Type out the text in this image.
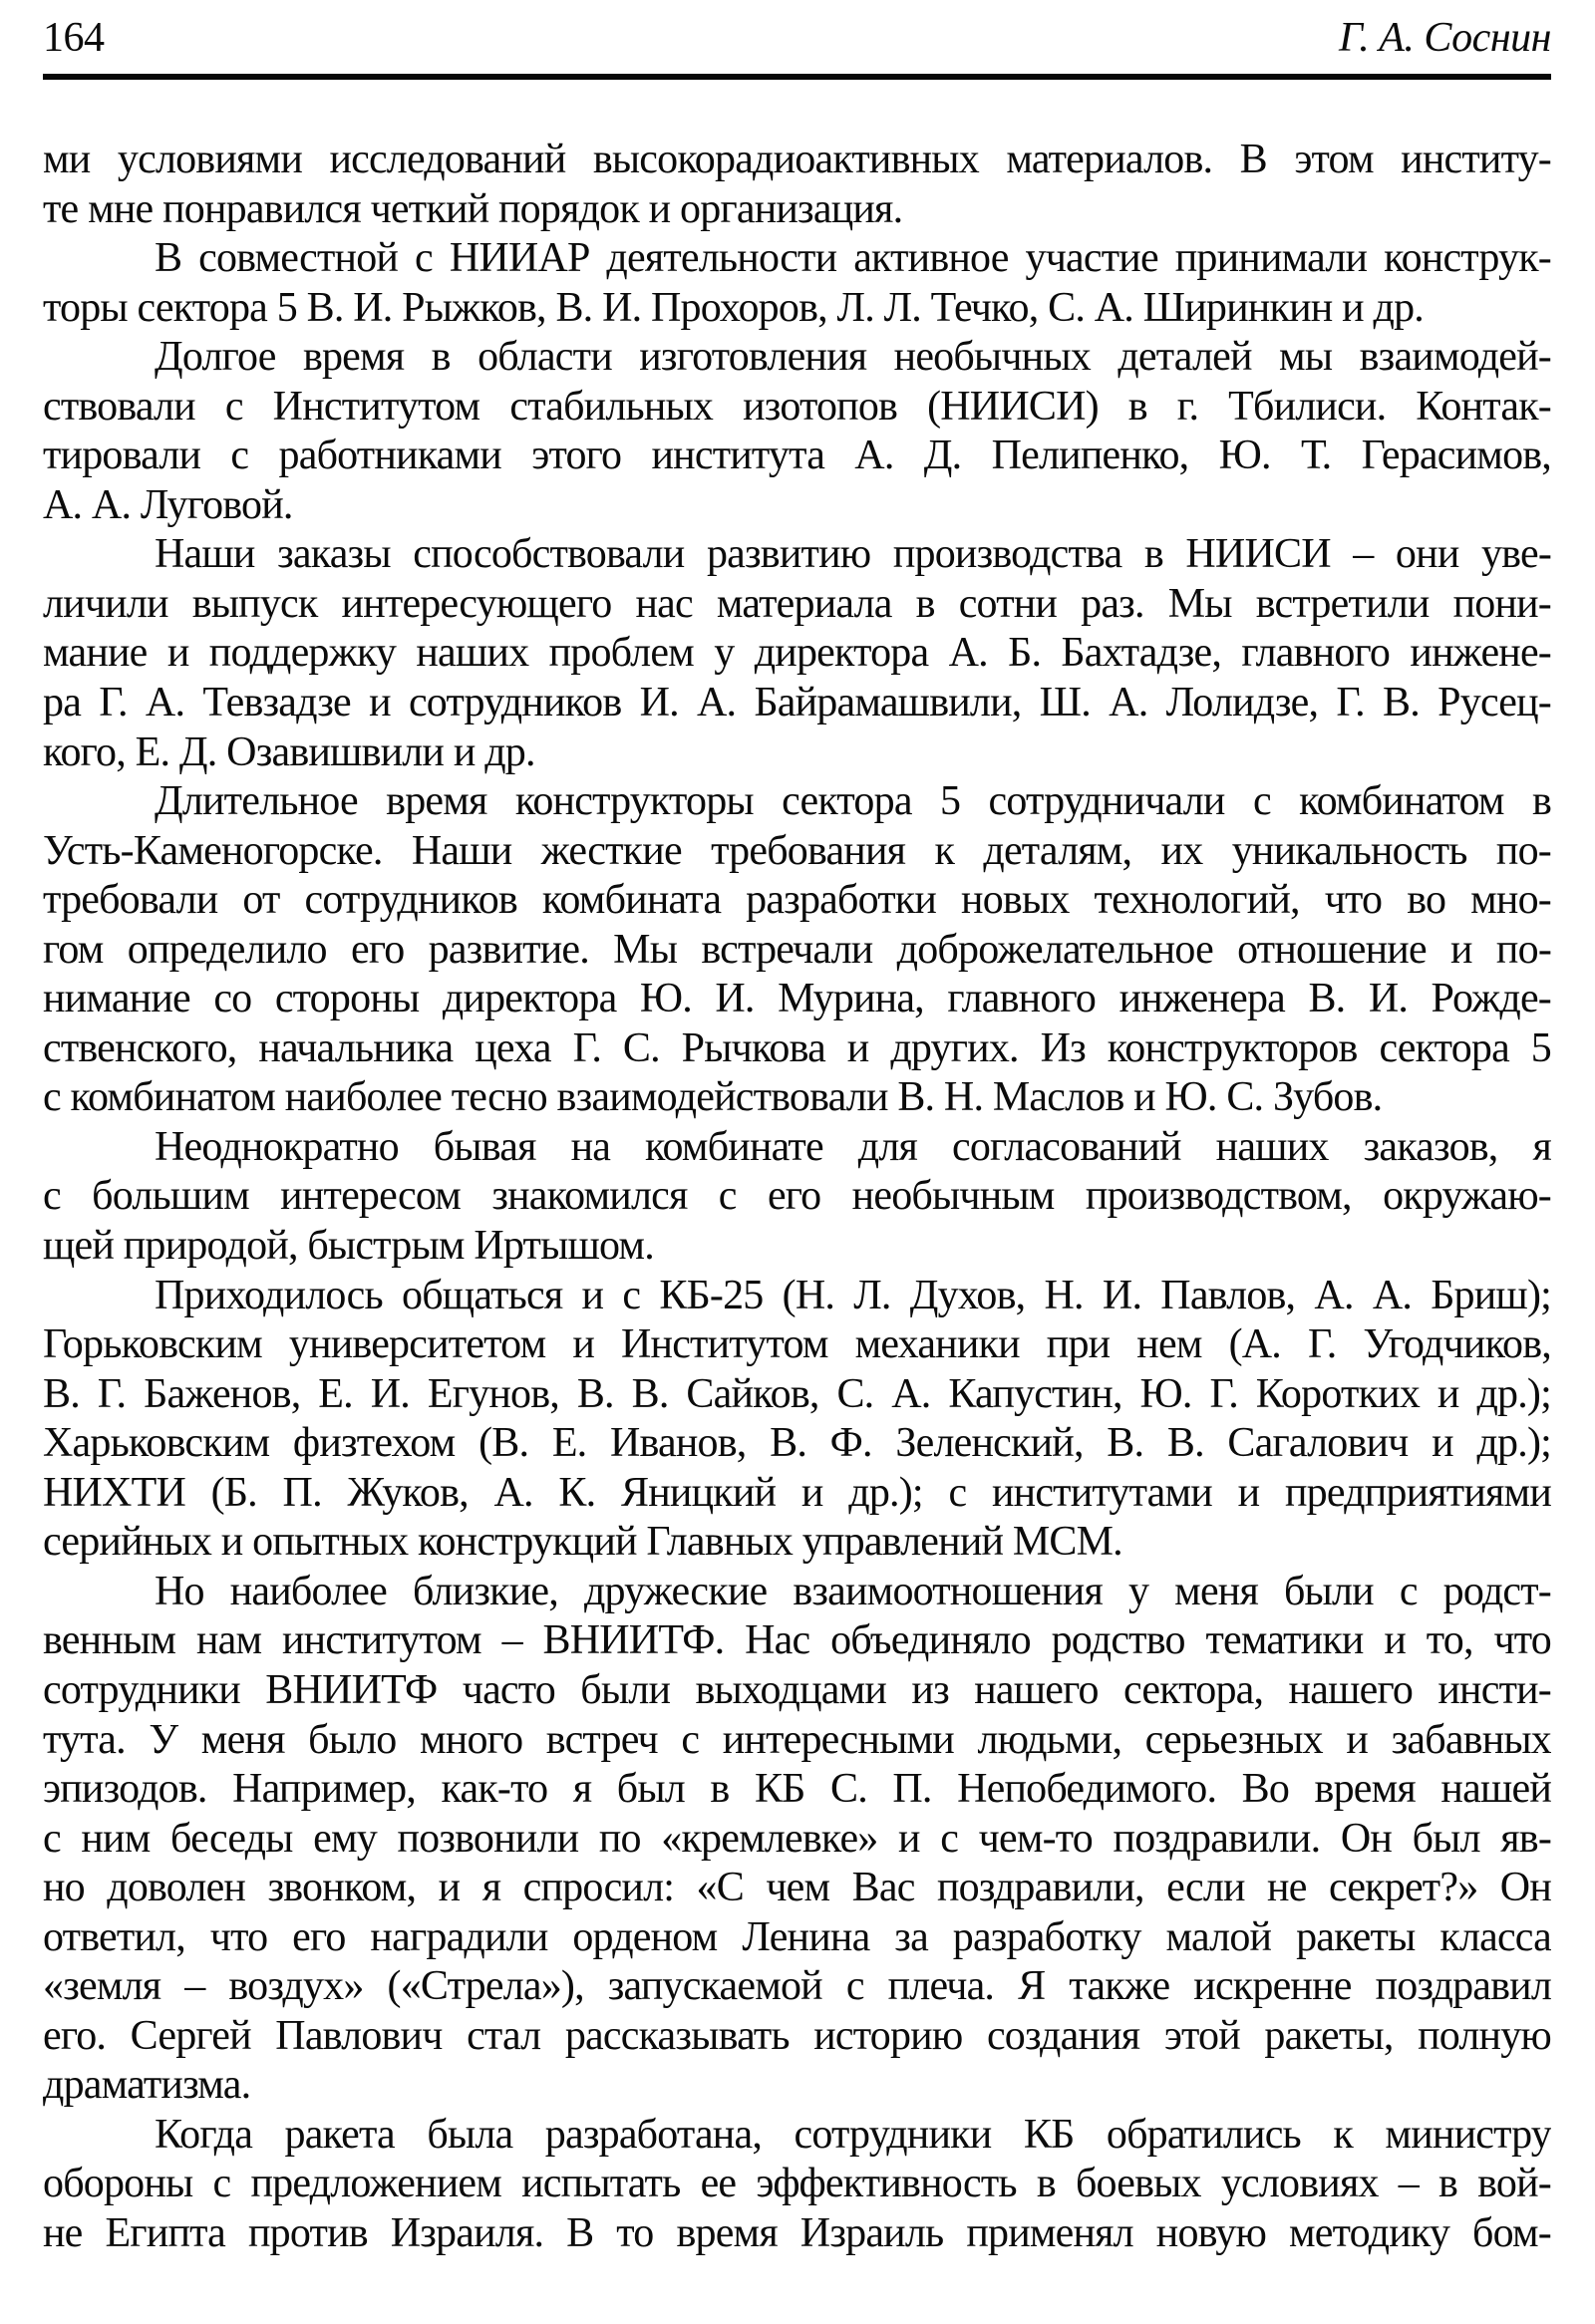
164	Г. А. Соснин
ми условиями исследований высокорадиоактивных материалов. В этом институ-
те мне понравился четкий порядок и организация.
В совместной с НИИАР деятельности активное участие принимали конструк-
торы сектора 5 В. И. Рыжков, В. И. Прохоров, Л. Л. Течко, С. А. Ширинкин и др.
Долгое время в области изготовления необычных деталей мы взаимодей-
ствовали с Институтом стабильных изотопов (НИИСИ) в г. Тбилиси. Контак-
тировали с работниками этого института А. Д. Пелипенко, Ю. Т. Герасимов,
А. А. Луговой.
Наши заказы способствовали развитию производства в НИИСИ – они уве-
личили выпуск интересующего нас материала в сотни раз. Мы встретили пони-
мание и поддержку наших проблем у директора А. Б. Бахтадзе, главного инжене-
ра Г. А. Тевзадзе и сотрудников И. А. Байрамашвили, Ш. А. Лолидзе, Г. В. Русец-
кого, Е. Д. Озавишвили и др.
Длительное время конструкторы сектора 5 сотрудничали с комбинатом в
Усть-Каменогорске. Наши жесткие требования к деталям, их уникальность по-
требовали от сотрудников комбината разработки новых технологий, что во мно-
гом определило его развитие. Мы встречали доброжелательное отношение и по-
нимание со стороны директора Ю. И. Мурина, главного инженера В. И. Рожде-
ственского, начальника цеха Г. С. Рычкова и других. Из конструкторов сектора 5
с комбинатом наиболее тесно взаимодействовали В. Н. Маслов и Ю. С. Зубов.
Неоднократно бывая на комбинате для согласований наших заказов, я
с большим интересом знакомился с его необычным производством, окружаю-
щей природой, быстрым Иртышом.
Приходилось общаться и с КБ-25 (Н. Л. Духов, Н. И. Павлов, А. А. Бриш);
Горьковским университетом и Институтом механики при нем (А. Г. Угодчиков,
В. Г. Баженов, Е. И. Егунов, В. В. Сайков, С. А. Капустин, Ю. Г. Коротких и др.);
Харьковским физтехом (В. Е. Иванов, В. Ф. Зеленский, В. В. Сагалович и др.);
НИХТИ (Б. П. Жуков, А. К. Яницкий и др.); с институтами и предприятиями
серийных и опытных конструкций Главных управлений МСМ.
Но наиболее близкие, дружеские взаимоотношения у меня были с родст-
венным нам институтом – ВНИИТФ. Нас объединяло родство тематики и то, что
сотрудники ВНИИТФ часто были выходцами из нашего сектора, нашего инсти-
тута. У меня было много встреч с интересными людьми, серьезных и забавных
эпизодов. Например, как-то я был в КБ С. П. Непобедимого. Во время нашей
с ним беседы ему позвонили по «кремлевке» и с чем-то поздравили. Он был яв-
но доволен звонком, и я спросил: «С чем Вас поздравили, если не секрет?» Он
ответил, что его наградили орденом Ленина за разработку малой ракеты класса
«земля – воздух» («Стрела»), запускаемой с плеча. Я также искренне поздравил
его. Сергей Павлович стал рассказывать историю создания этой ракеты, полную
драматизма.
Когда ракета была разработана, сотрудники КБ обратились к министру
обороны с предложением испытать ее эффективность в боевых условиях – в вой-
не Египта против Израиля. В то время Израиль применял новую методику бом-
